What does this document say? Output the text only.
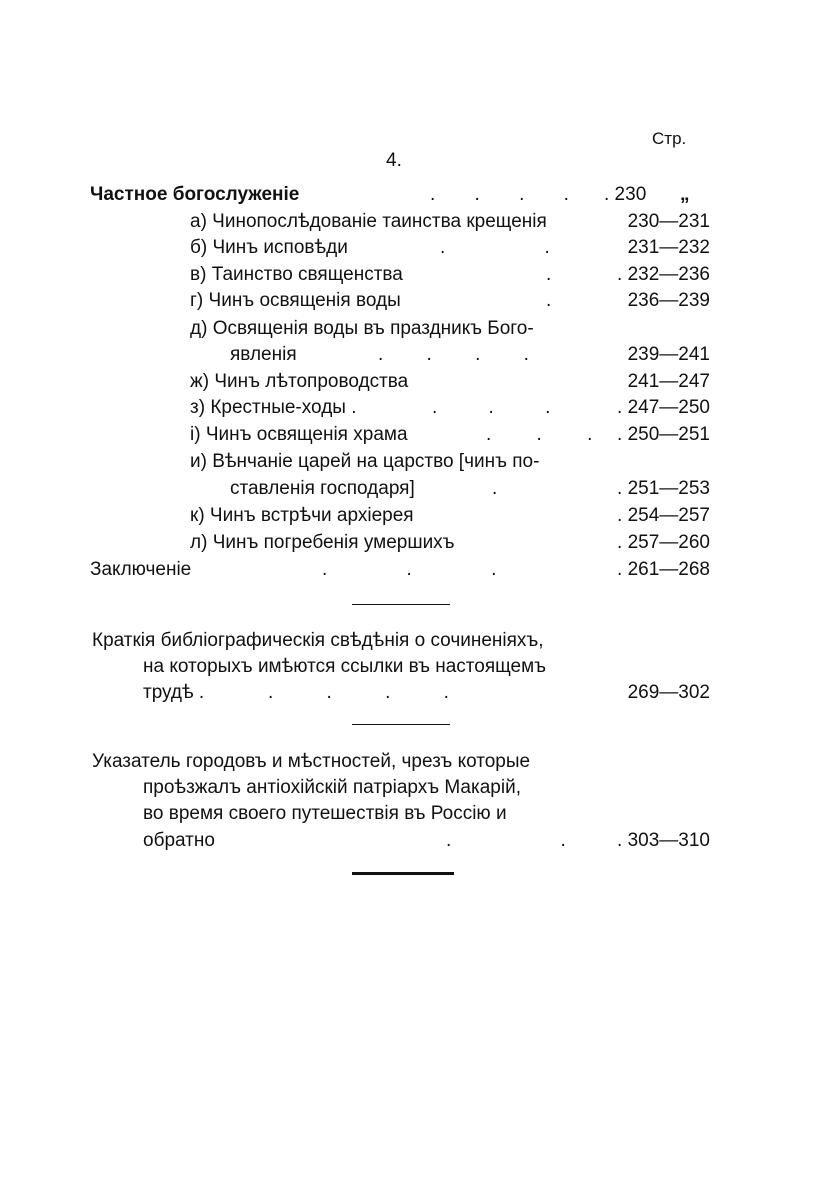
Стр.
4.
Частное богослуженіе	. . . . . 230 „
а) Чинопослѣдованіе таинства крещенія	230—231
б) Чинъ исповѣди	. .	231—232
в) Таинство священства	.	. 232—236
г) Чинъ освященія воды	.	236—239
д) Освященія воды въ праздникъ Бого-
явленія	. . . .	239—241
ж) Чинъ лѣтопроводства	241—247
з) Крестные-ходы .	. . .	. 247—250
і) Чинъ освященія храма	. . .	. 250—251
и) Вѣнчаніе царей на царство [чинъ по-
ставленія господаря]	.	. 251—253
к) Чинъ встрѣчи архіерея	. 254—257
л) Чинъ погребенія умершихъ	. 257—260
Заключеніе	. . .	. 261—268
Краткія библіографическія свѣдѣнія о сочиненіяхъ,
на которыхъ имѣются ссылки въ настоящемъ
трудѣ .	. . . .	269—302
Указатель городовъ и мѣстностей, чрезъ которые
проѣзжалъ антіохійскій патріархъ Макарій,
во время своего путешествія въ Россію и
обратно	. .	. 303—310
